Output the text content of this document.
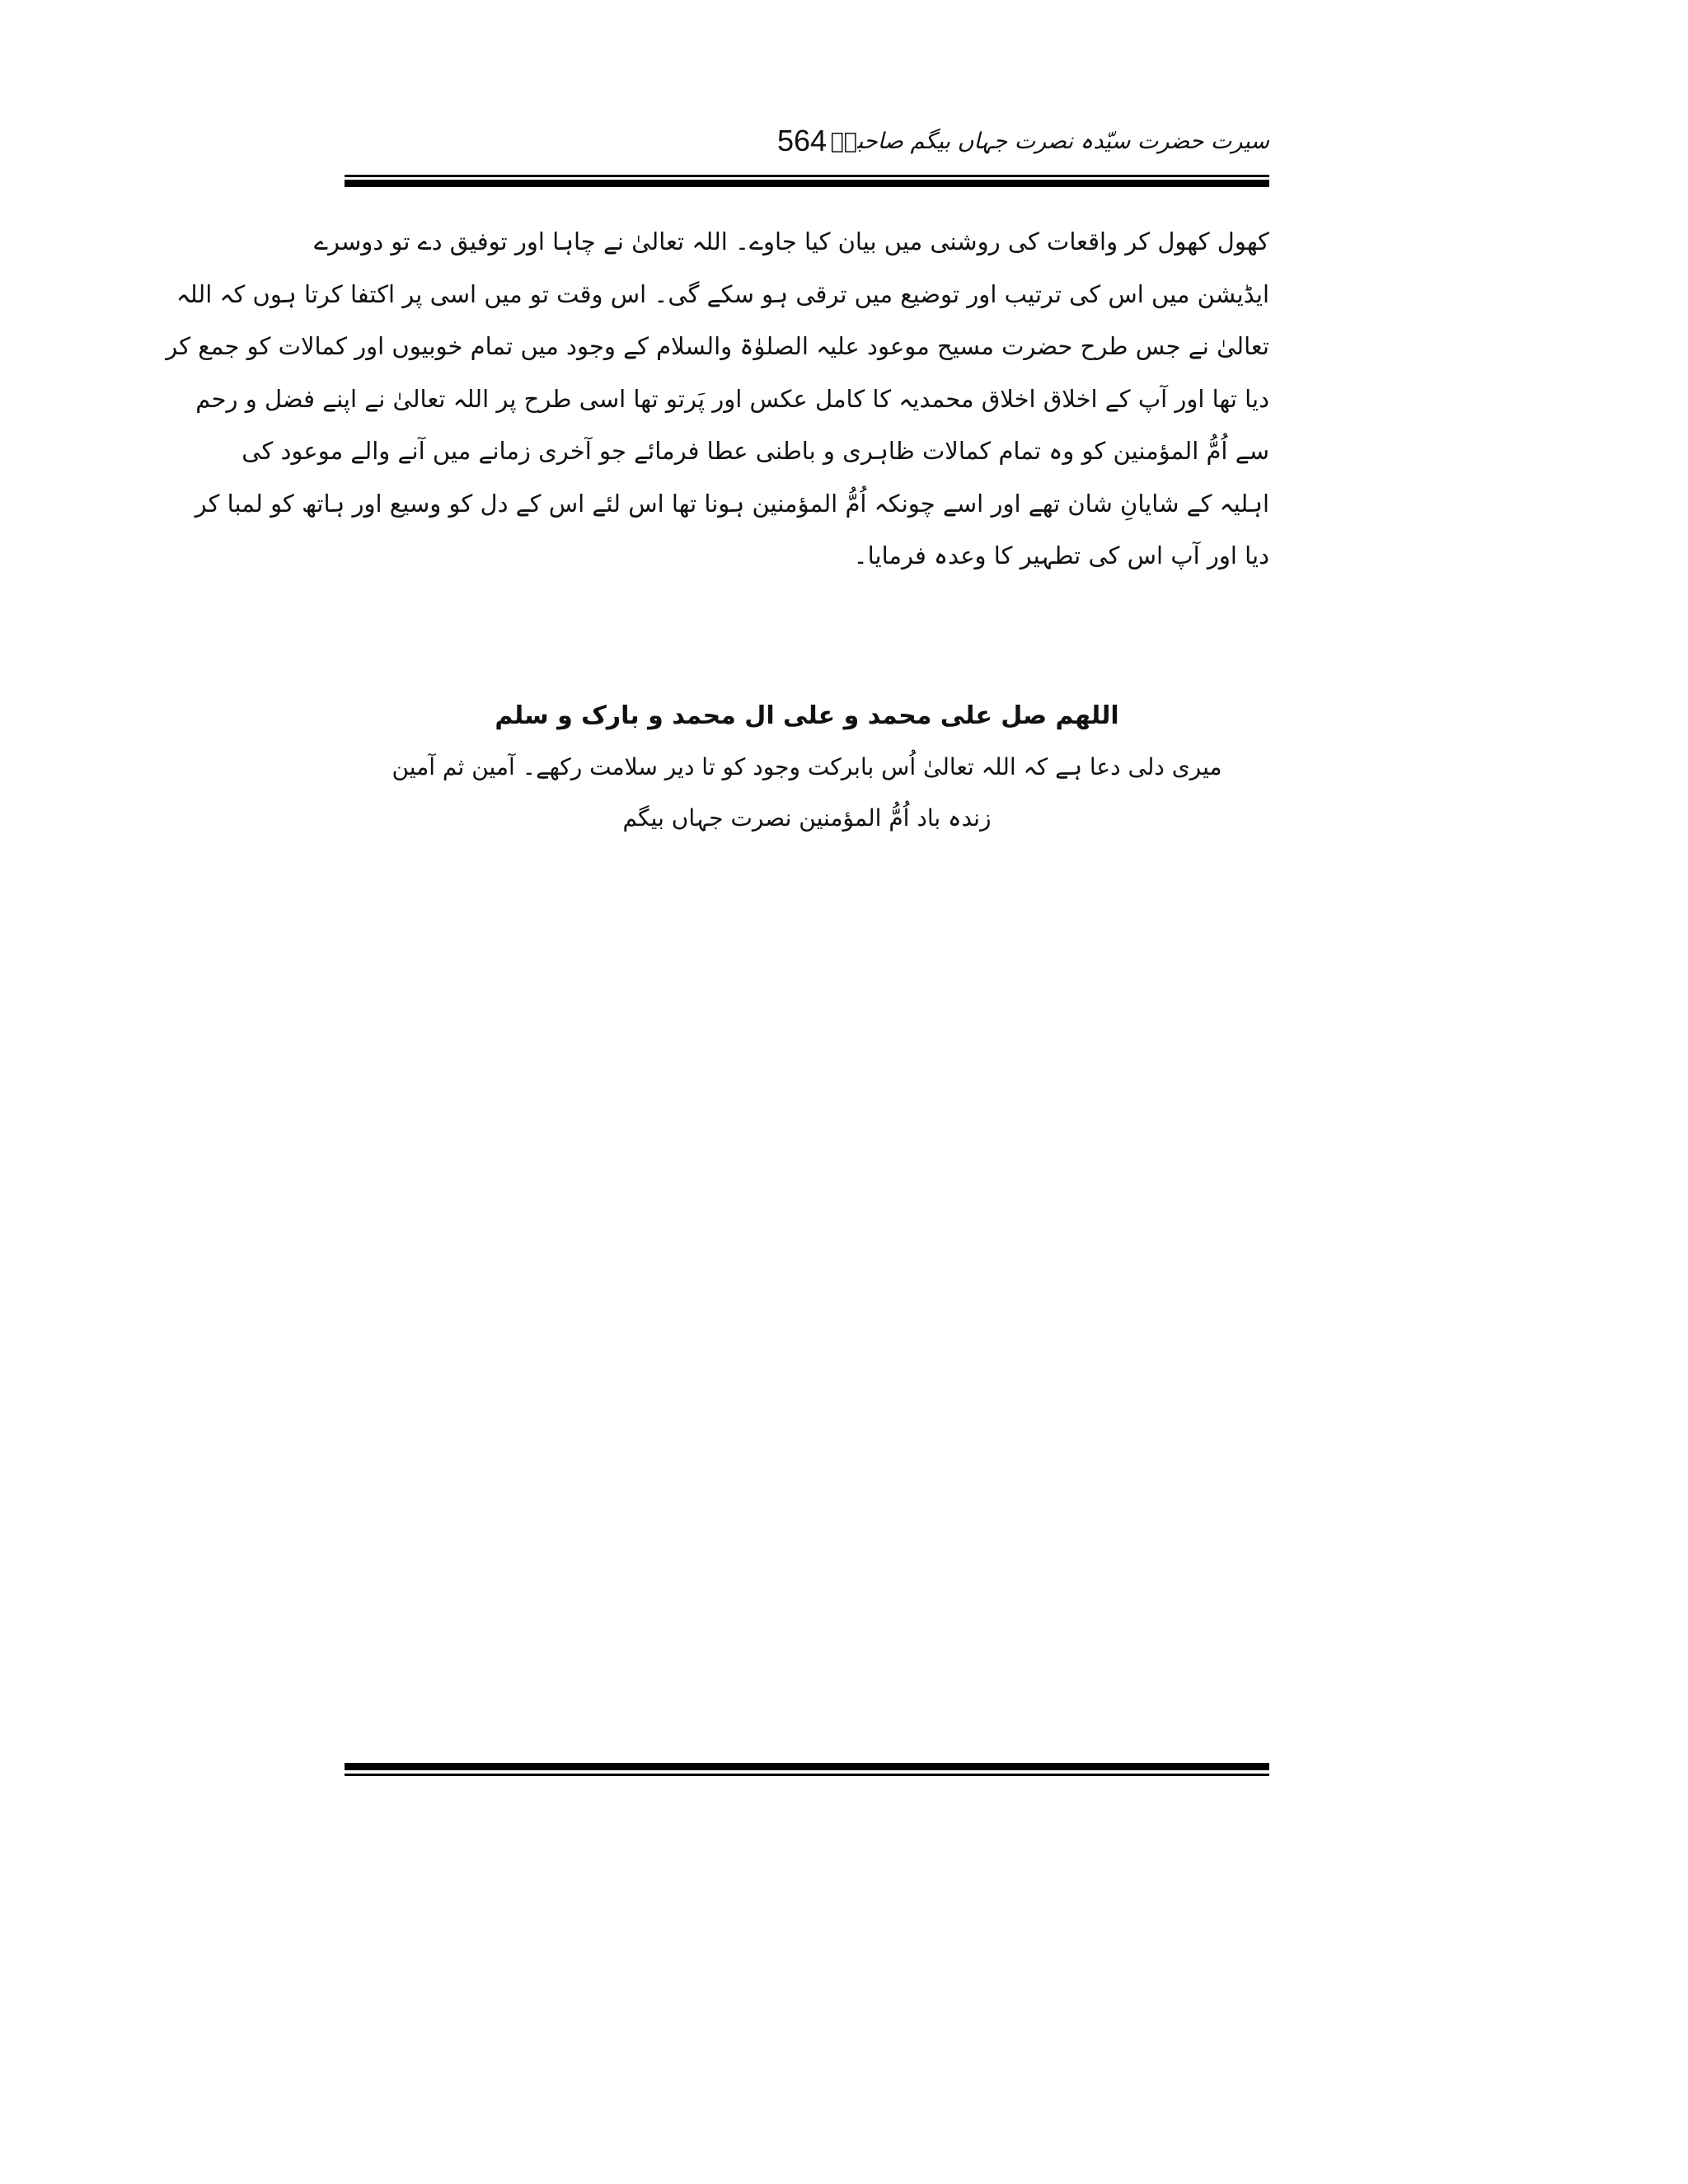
564 سیرت حضرت سیّدہ نصرت جہاں بیگم صاحبہؓ
کھول کھول کر واقعات کی روشنی میں بیان کیا جاوے۔ اللہ تعالیٰ نے چاہا اور توفیق دے تو دوسرے
ایڈیشن میں اس کی ترتیب اور توضیع میں ترقی ہو سکے گی۔ اس وقت تو میں اسی پر اکتفا کرتا ہوں کہ اللہ
تعالیٰ نے جس طرح حضرت مسیح موعود علیہ الصلوٰۃ والسلام کے وجود میں تمام خوبیوں اور کمالات کو جمع کر
دیا تھا اور آپ کے اخلاق اخلاق محمدیہ کا کامل عکس اور پَرتو تھا اسی طرح پر اللہ تعالیٰ نے اپنے فضل و رحم
سے اُمُّ المؤمنین کو وہ تمام کمالات ظاہری و باطنی عطا فرمائے جو آخری زمانے میں آنے والے موعود کی
اہلیہ کے شایانِ شان تھے اور اسے چونکہ اُمُّ المؤمنین ہونا تھا اس لئے اس کے دل کو وسیع اور ہاتھ کو لمبا کر
دیا اور آپ اس کی تطہیر کا وعدہ فرمایا۔
اللھم صل علی محمد و علی ال محمد و بارک و سلم
میری دلی دعا ہے کہ اللہ تعالیٰ اُس بابرکت وجود کو تا دیر سلامت رکھے۔ آمین ثم آمین
زندہ باد اُمُّ المؤمنین نصرت جہاں بیگم
